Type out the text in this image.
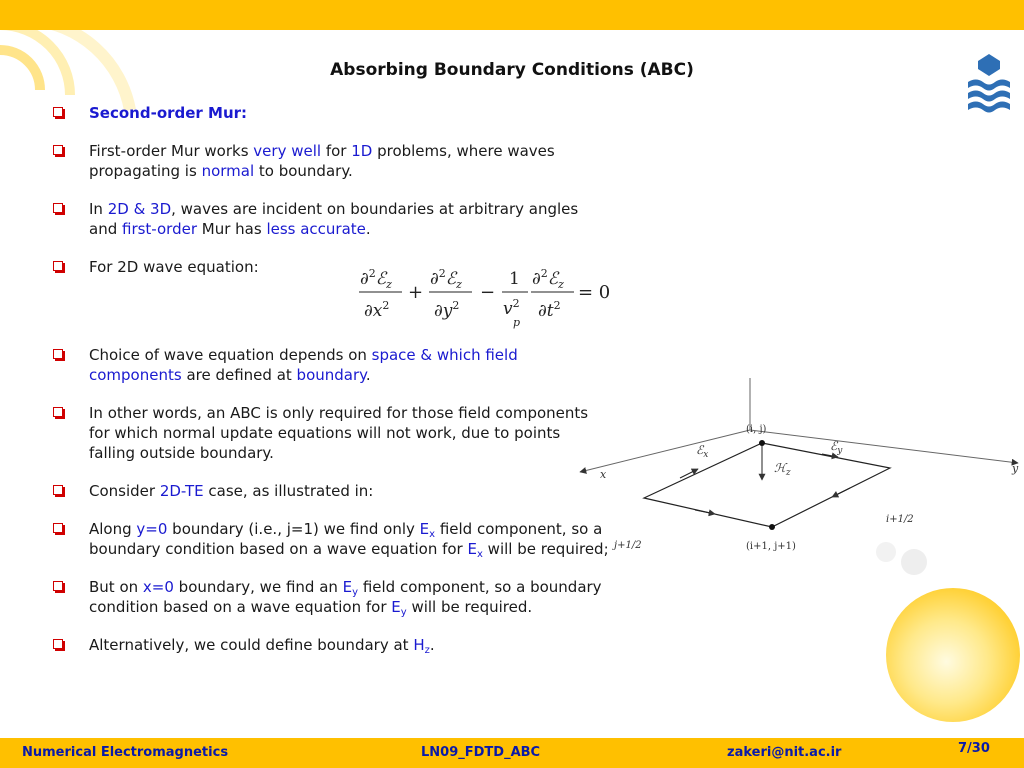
Absorbing Boundary Conditions (ABC)
Second-order Mur:
First-order Mur works very well for 1D problems, where waves propagating is normal to boundary.
In 2D & 3D, waves are incident on boundaries at arbitrary angles and first-order Mur has less accurate.
For 2D wave equation:
Choice of wave equation depends on space & which field components are defined at boundary.
In other words, an ABC is only required for those field components for which normal update equations will not work, due to points falling outside boundary.
Consider 2D-TE case, as illustrated in:
Along y=0 boundary (i.e., j=1) we find only $E_x$ field component, so a boundary condition based on a wave equation for $E_x$ will be required;
But on x=0 boundary, we find an $E_y$ field component, so a boundary condition based on a wave equation for $E_y$ will be required.
Alternatively, we could define boundary at $H_z$.
∂$^2$ℰ$_z$
$\partial x^2$
+
∂$^2$ℰ$_z$
$\partial y^2$
−
1
$v^2$
p
∂$^2$ℰ$_z$
$\partial t^2$
= 0
x	y
(i, j)
(i+1, j+1)
ℰ$_x$
ℰ$_y$
ℋ$_z$
i+1/2
j+1/2
Numerical Electromagnetics	LN09_FDTD_ABC	zakeri@nit.ac.ir	7/30
